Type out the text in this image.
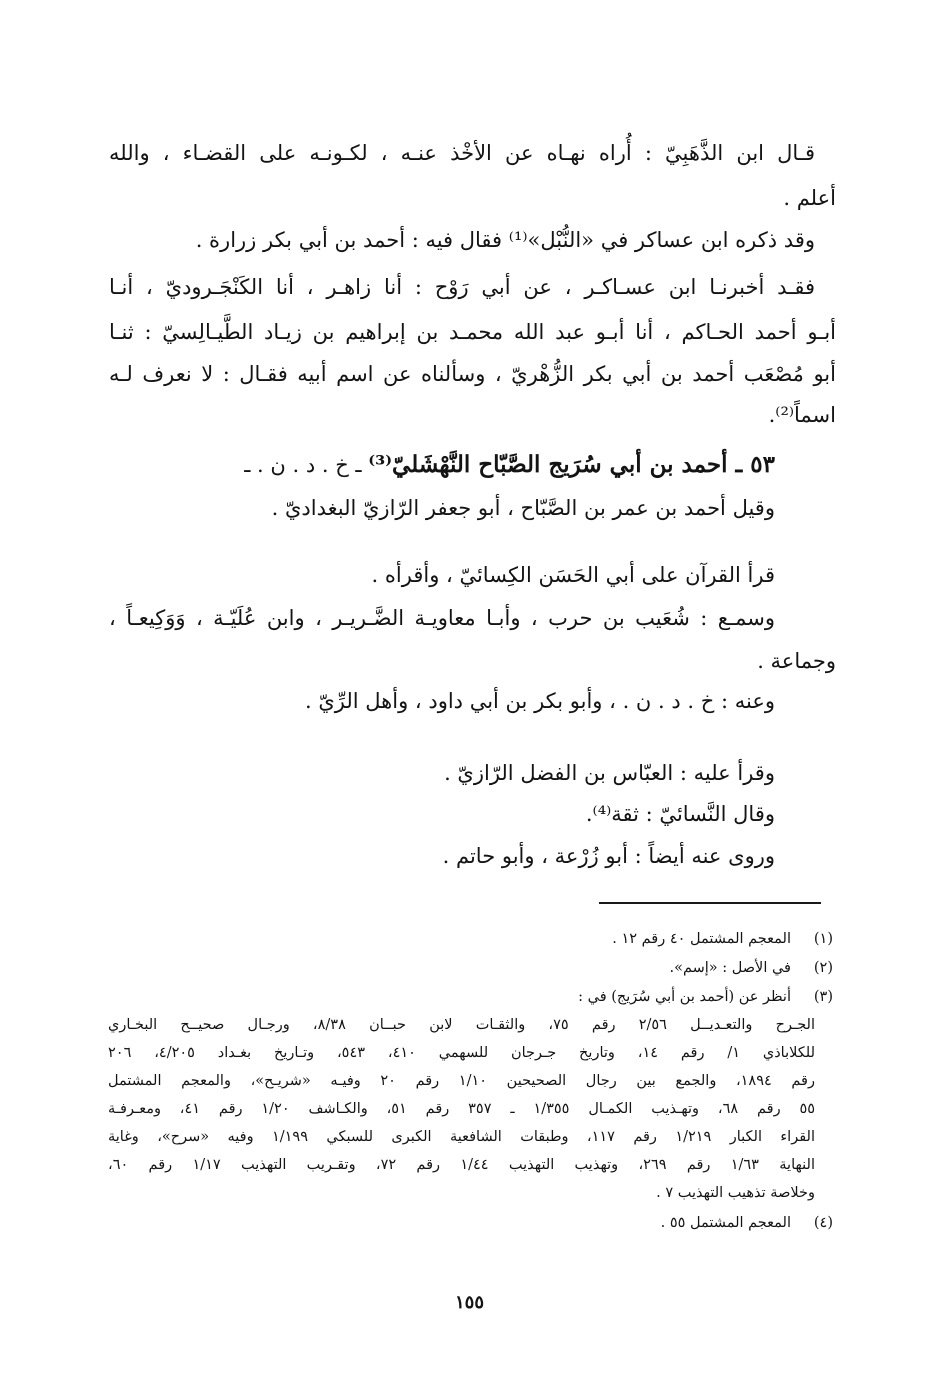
قـال ابن الذَّهَبِيّ : أُراه نهـاه عن الأخْذ عنـه ، لكـونـه على القضـاء ، والله
أعلم .
وقد ذكره ابن عساكر في «النُّبْل»⁽¹⁾ فقال فيه : أحمد بن أبي بكر زرارة .
فقـد أخبرنـا ابن عسـاكـر ، عن أبي رَوْح : أنا زاهـر ، أنا الكَنْجَـروديّ ، أنـا
أبـو أحمد الحـاكم ، أنا أبـو عبد الله محمـد بن إبراهيم بن زيـاد الطَّيـالِسيّ : ثنـا
أبو مُصْعَب أحمد بن أبي بكر الزُّهْريّ ، وسألناه عن اسم أبيه فقـال : لا نعرف لـه
اسماً⁽²⁾.
٥٣ ـ أحمد بن أبي سُرَيج الصَّبّاح النَّهْشَليّ⁽³⁾ ـ خ . د . ن . ـ
وقيل أحمد بن عمر بن الصَّبّاح ، أبو جعفر الرّازيّ البغداديّ .
قرأ القرآن على أبي الحَسَن الكِسائيّ ، وأقرأه .
وسمـع : شُعَيب بن حرب ، وأبـا معاويـة الضَّـريـر ، وابن عُلَيّـة ، وَوَكِيعـاً ،
وجماعة .
وعنه : خ . د . ن . ، وأبو بكر بن أبي داود ، وأهل الرِّيّ .
وقرأ عليه : العبّاس بن الفضل الرّازيّ .
وقال النَّسائيّ : ثقة⁽⁴⁾.
وروى عنه أيضاً : أبو زُرْعة ، وأبو حاتم .
(١)
المعجم المشتمل ٤٠ رقم ١٢ .
(٢)
في الأصل : «إسم».
(٣)
أنظر عن (أحمد بن أبي سُرَيج) في :
الجـرح والتعـديــل ٢/٥٦ رقم ٧٥، والثقـات لابن حبــان ٨/٣٨، ورجـال صحيــح البخـاري
للكلاباذي ١/ رقم ١٤، وتاريخ جـرجان للسهمي ٤١٠، ٥٤٣، وتـاريخ بغـداد ٤/٢٠٥، ٢٠٦
رقم ١٨٩٤، والجمع بين رجال الصحيحين ١/١٠ رقم ٢٠ وفيـه «شريـح»، والمعجم المشتمل
٥٥ رقم ٦٨، وتهـذيب الكمـال ١/٣٥٥ ـ ٣٥٧ رقم ٥١، والكـاشف ١/٢٠ رقم ٤١، ومعـرفـة
القراء الكبار ١/٢١٩ رقم ١١٧، وطبقات الشافعية الكبرى للسبكي ١/١٩٩ وفيه «سرح»، وغاية
النهاية ١/٦٣ رقم ٢٦٩، وتهذيب التهذيب ١/٤٤ رقم ٧٢، وتقـريب التهذيب ١/١٧ رقم ٦٠،
وخلاصة تذهيب التهذيب ٧ .
(٤)
المعجم المشتمل ٥٥ .
١٥٥
